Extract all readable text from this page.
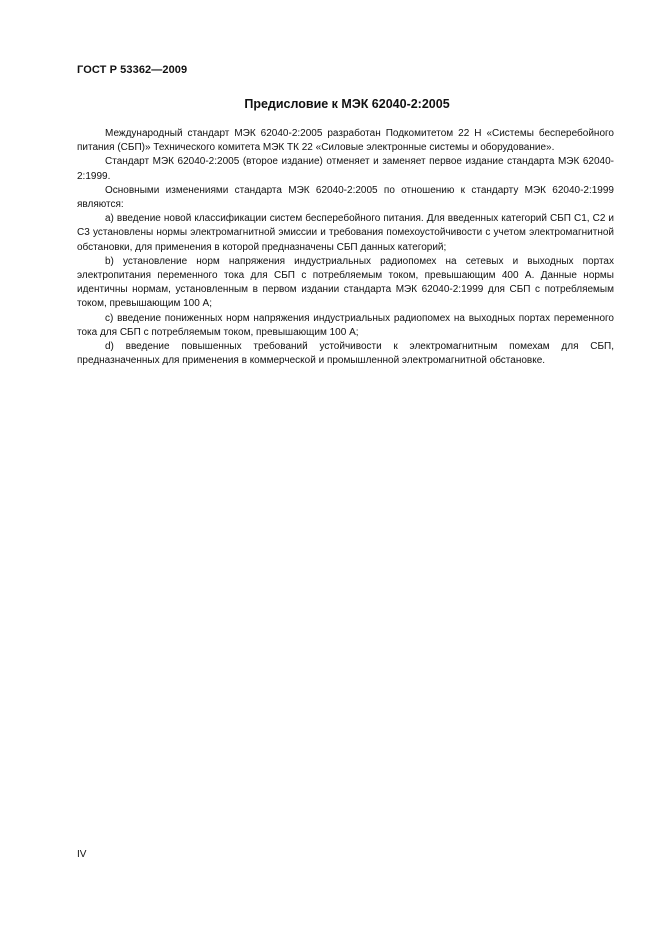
ГОСТ Р 53362—2009
Предисловие к МЭК 62040-2:2005

Международный стандарт МЭК 62040-2:2005 разработан Подкомитетом 22 Н «Системы бесперебойного питания (СБП)» Технического комитета МЭК ТК 22 «Силовые электронные системы и оборудование».

Стандарт МЭК 62040-2:2005 (второе издание) отменяет и заменяет первое издание стандарта МЭК 62040-2:1999.

Основными изменениями стандарта МЭК 62040-2:2005 по отношению к стандарту МЭК 62040-2:1999 являются:

а) введение новой классификации систем бесперебойного питания. Для введенных категорий СБП С1, С2 и С3 установлены нормы электромагнитной эмиссии и требования помехоустойчивости с учетом электромагнитной обстановки, для применения в которой предназначены СБП данных категорий;

b) установление норм напряжения индустриальных радиопомех на сетевых и выходных портах электропитания переменного тока для СБП с потребляемым током, превышающим 400 А. Данные нормы идентичны нормам, установленным в первом издании стандарта МЭК 62040-2:1999 для СБП с потребляемым током, превышающим 100 А;

с) введение пониженных норм напряжения индустриальных радиопомех на выходных портах переменного тока для СБП с потребляемым током, превышающим 100 А;

d) введение повышенных требований устойчивости к электромагнитным помехам для СБП, предназначенных для применения в коммерческой и промышленной электромагнитной обстановке.

IV
